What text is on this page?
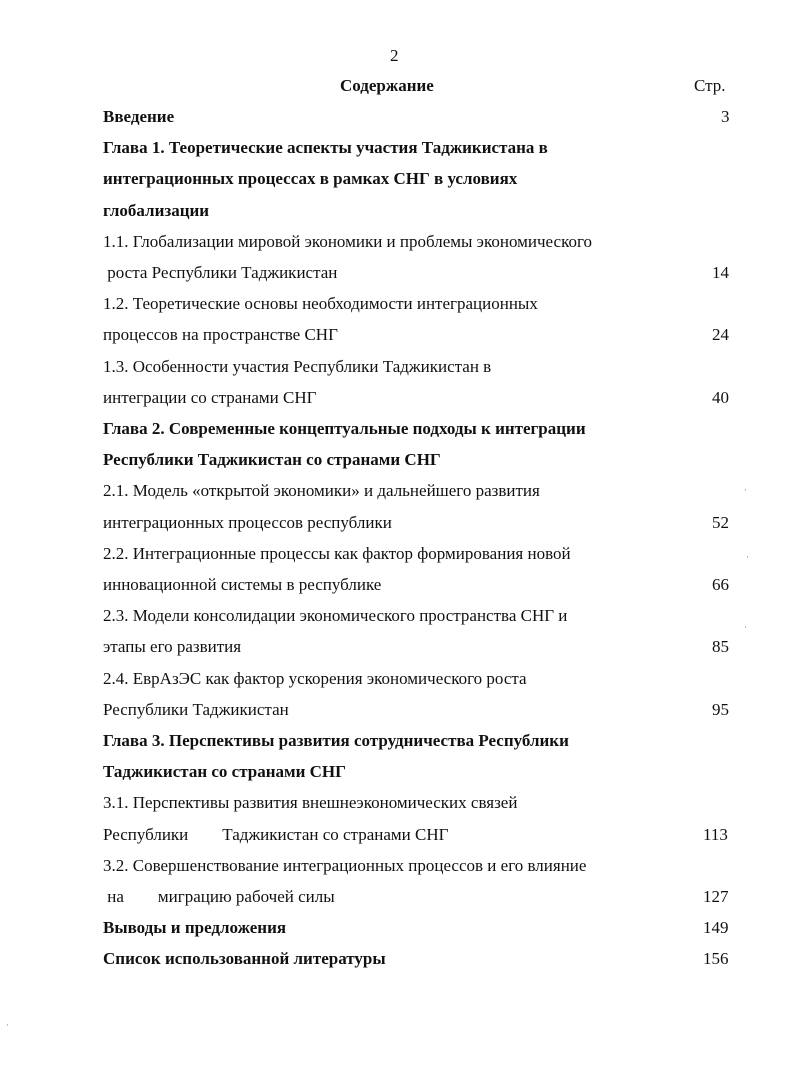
2
Содержание	Стр.
Введение	3
Глава 1. Теоретические аспекты участия Таджикистана в
интеграционных процессах в рамках СНГ в условиях
глобализации
1.1. Глобализации мировой экономики и проблемы экономического
роста Республики Таджикистан	14
1.2. Теоретические основы необходимости интеграционных
процессов на пространстве СНГ	24
1.3. Особенности участия Республики Таджикистан в
интеграции со странами СНГ	40
Глава 2. Современные концептуальные подходы к интеграции
Республики Таджикистан со странами СНГ
2.1. Модель «открытой экономики» и дальнейшего развития
интеграционных процессов республики	52
2.2. Интеграционные процессы как фактор формирования новой
инновационной системы в республике	66
2.3. Модели консолидации экономического пространства СНГ и
этапы его развития	85
2.4. ЕврАзЭС как фактор ускорения экономического роста
Республики Таджикистан	95
Глава 3. Перспективы развития сотрудничества Республики
Таджикистан со странами СНГ
3.1. Перспективы развития внешнеэкономических связей
Республики        Таджикистан со странами СНГ	113
3.2. Совершенствование интеграционных процессов и его влияние
на        миграцию рабочей силы	127
Выводы и предложения	149
Список использованной литературы	156
·
·
·
·
